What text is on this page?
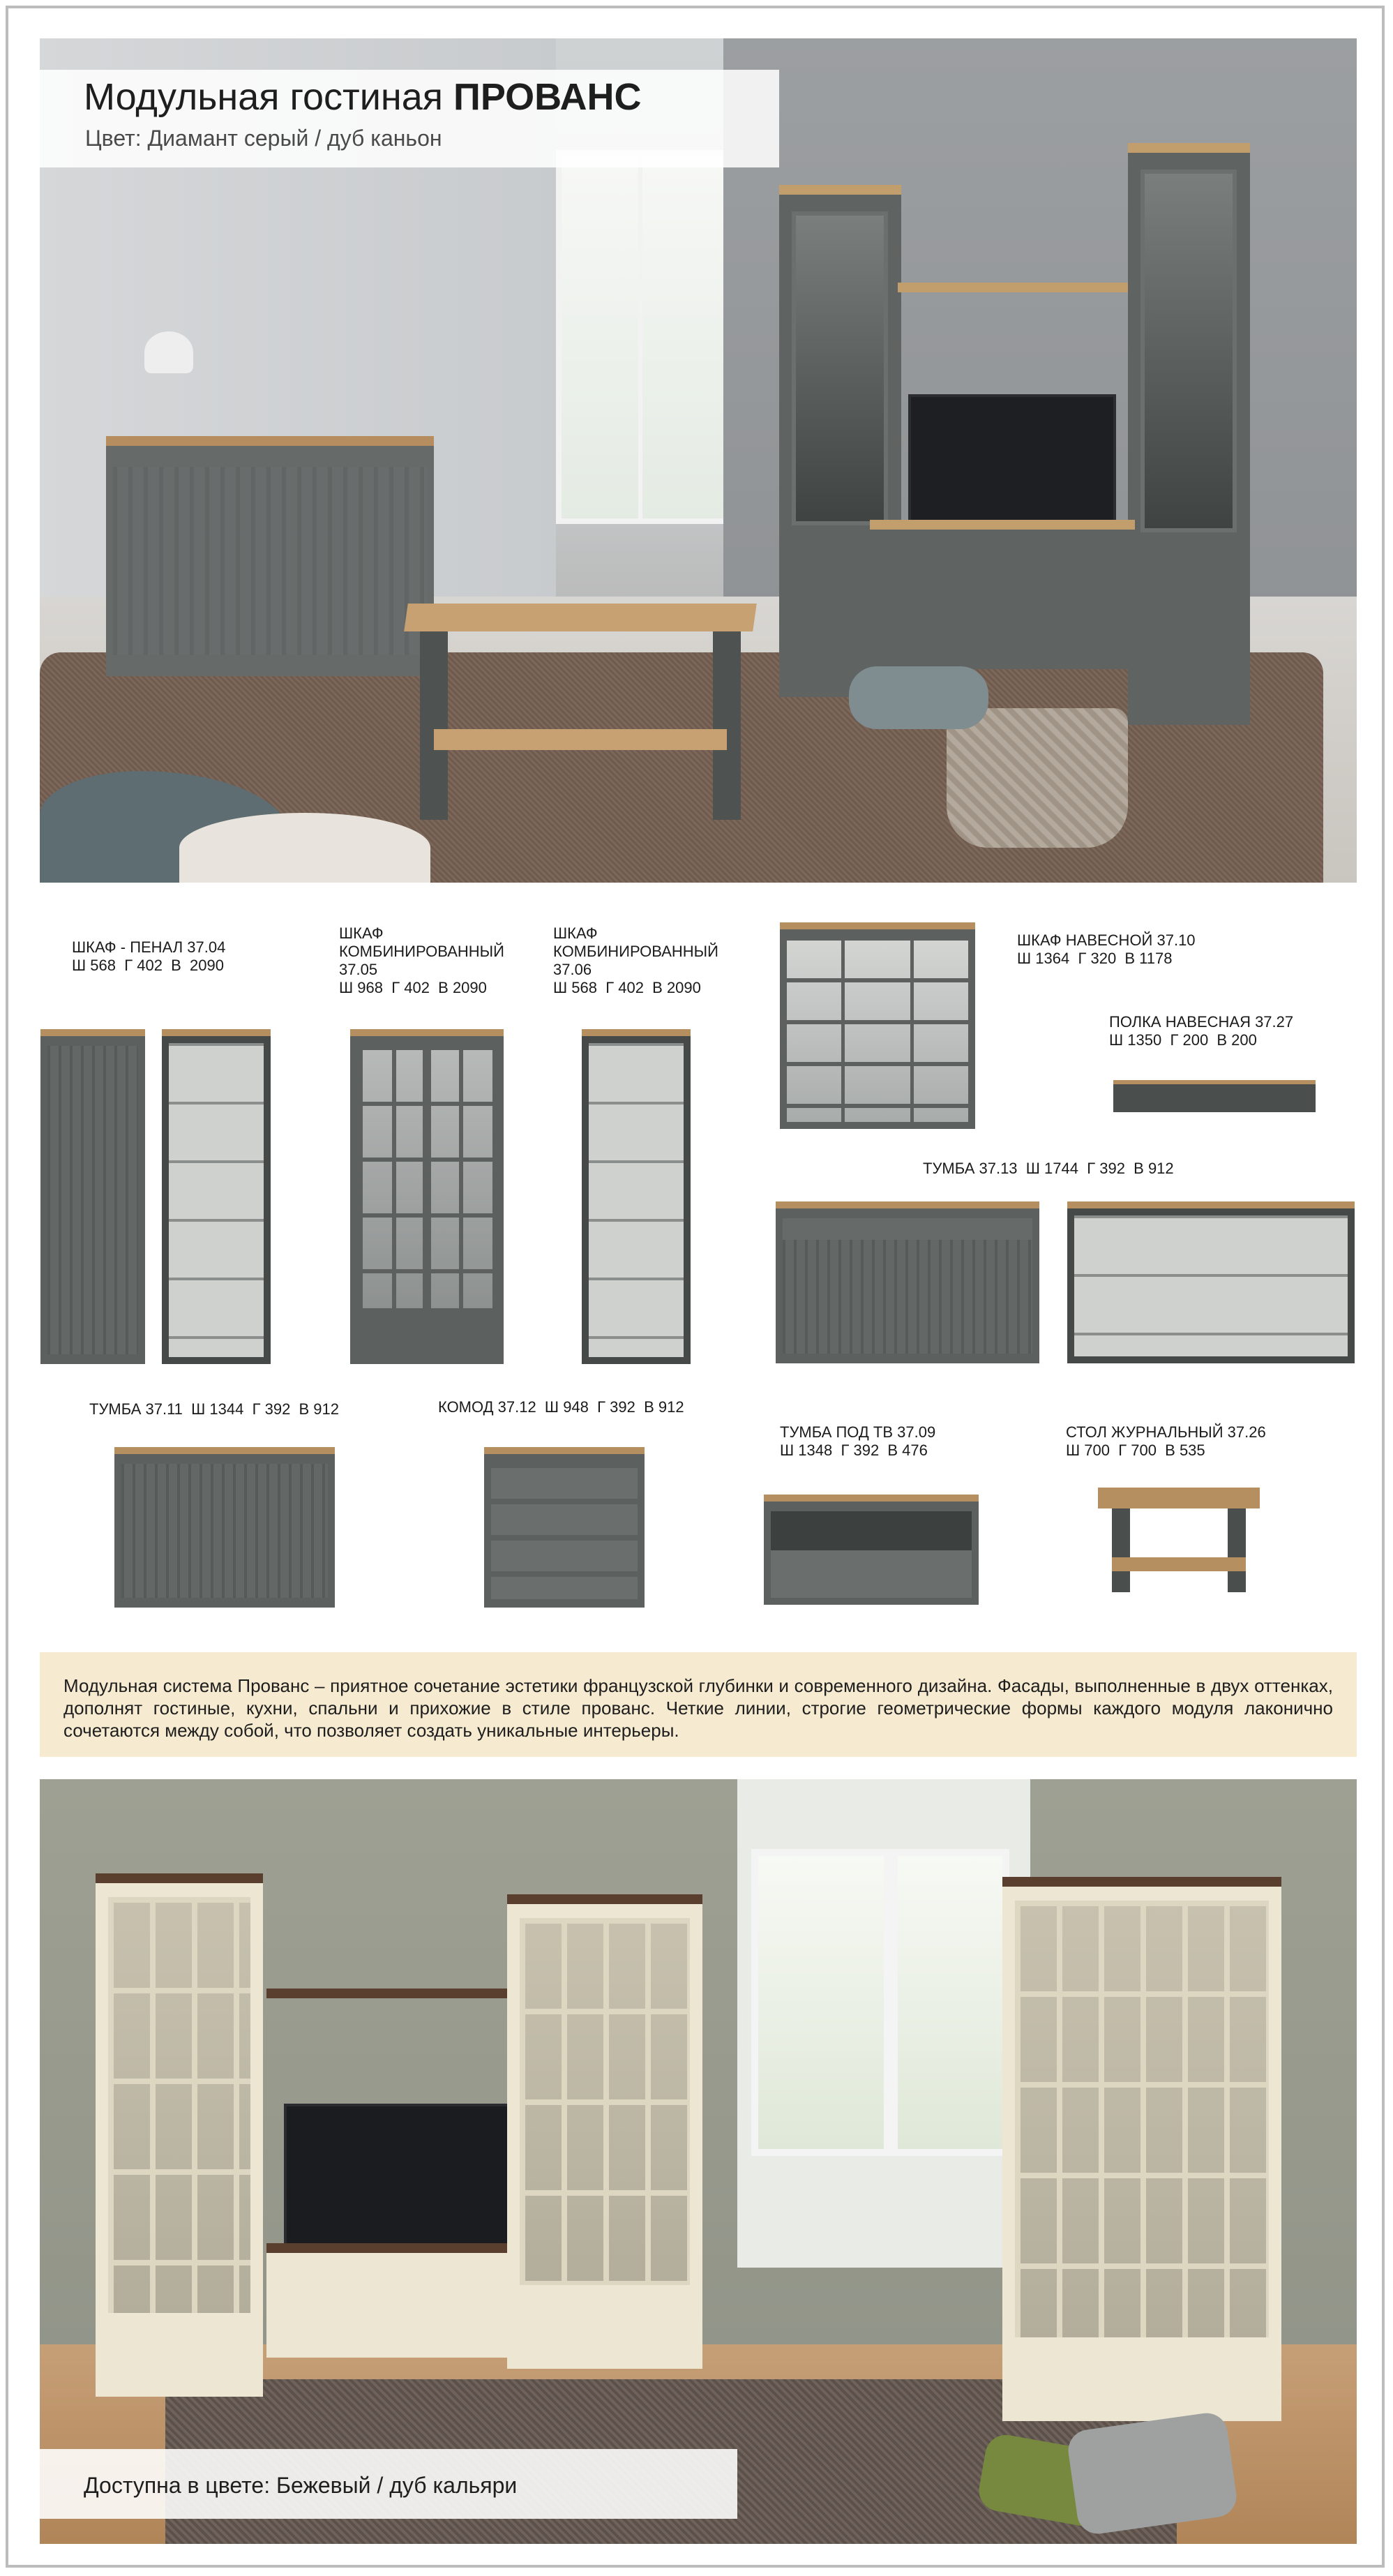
Модульная гостиная ПРОВАНС
Цвет: Диамант серый / дуб каньон
ШКАФ - ПЕНАЛ 37.04
Ш 568  Г 402  В  2090
ШКАФ
КОМБИНИРОВАННЫЙ
37.05
Ш 968  Г 402  В 2090
ШКАФ
КОМБИНИРОВАННЫЙ
37.06
Ш 568  Г 402  В 2090
ШКАФ НАВЕСНОЙ 37.10
Ш 1364  Г 320  В 1178
ПОЛКА НАВЕСНАЯ 37.27
Ш 1350  Г 200  В 200
ТУМБА 37.13  Ш 1744  Г 392  В 912
ТУМБА 37.11  Ш 1344  Г 392  В 912	КОМОД 37.12  Ш 948  Г 392  В 912
ТУМБА ПОД ТВ 37.09
Ш 1348  Г 392  В 476
СТОЛ ЖУРНАЛЬНЫЙ 37.26
Ш 700  Г 700  В 535

Модульная система Прованс – приятное сочетание эстетики французской глубинки и современного дизайна. Фасады, выполненные в двух оттенках, дополнят гостиные, кухни, спальни и прихожие в стиле прованс. Четкие линии, строгие геометрические формы каждого модуля лаконично сочетаются между собой, что позволяет создать уникальные интерьеры.

Доступна в цвете: Бежевый / дуб кальяри
